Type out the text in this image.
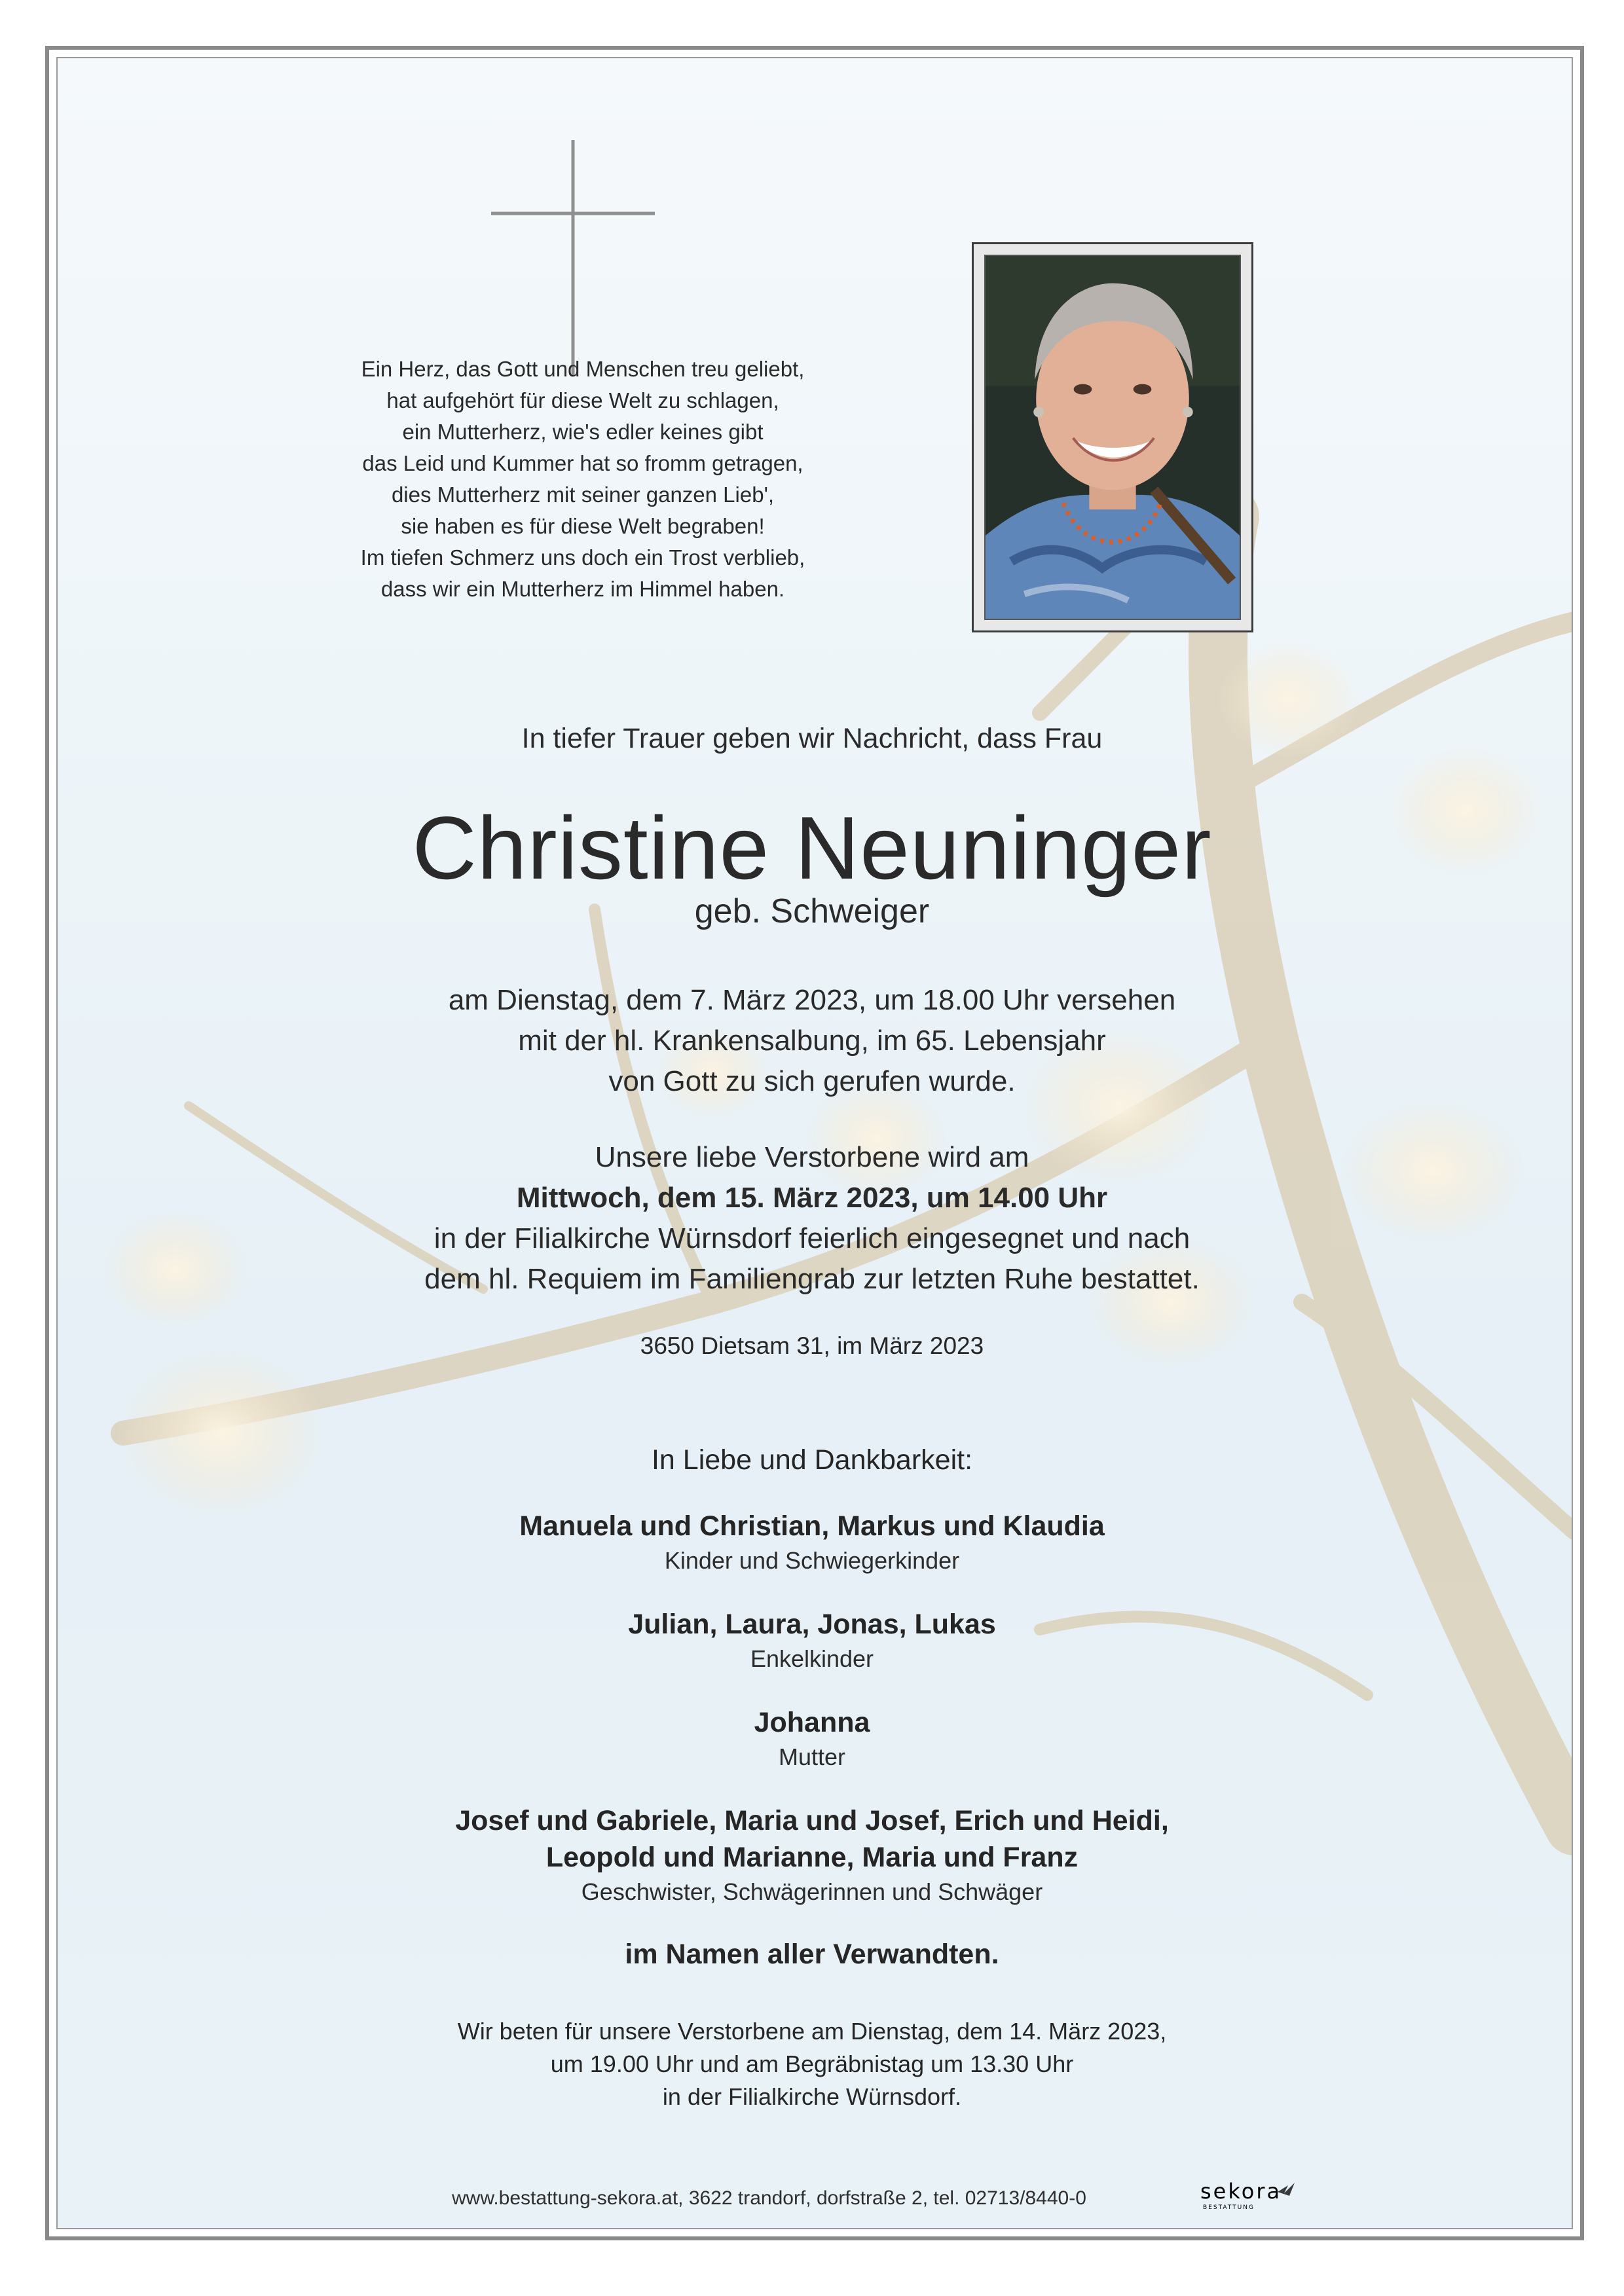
Ein Herz, das Gott und Menschen treu geliebt,
hat aufgehört für diese Welt zu schlagen,
ein Mutterherz, wie's edler keines gibt
das Leid und Kummer hat so fromm getragen,
dies Mutterherz mit seiner ganzen Lieb',
sie haben es für diese Welt begraben!
Im tiefen Schmerz uns doch ein Trost verblieb,
dass wir ein Mutterherz im Himmel haben.
In tiefer Trauer geben wir Nachricht, dass Frau
Christine Neuninger
geb. Schweiger
am Dienstag, dem 7. März 2023, um 18.00 Uhr versehen
mit der hl. Krankensalbung, im 65. Lebensjahr
von Gott zu sich gerufen wurde.
Unsere liebe Verstorbene wird am
Mittwoch, dem 15. März 2023, um 14.00 Uhr
in der Filialkirche Würnsdorf feierlich eingesegnet und nach
dem hl. Requiem im Familiengrab zur letzten Ruhe bestattet.
3650 Dietsam 31, im März 2023
In Liebe und Dankbarkeit:
Manuela und Christian, Markus und Klaudia
Kinder und Schwiegerkinder
Julian, Laura, Jonas, Lukas
Enkelkinder
Johanna
Mutter
Josef und Gabriele, Maria und Josef, Erich und Heidi,
Leopold und Marianne, Maria und Franz
Geschwister, Schwägerinnen und Schwäger
im Namen aller Verwandten.
Wir beten für unsere Verstorbene am Dienstag, dem 14. März 2023,
um 19.00 Uhr und am Begräbnistag um 13.30 Uhr
in der Filialkirche Würnsdorf.
www.bestattung-sekora.at, 3622 trandorf, dorfstraße 2, tel. 02713/8440-0	sekora
BESTATTUNG
